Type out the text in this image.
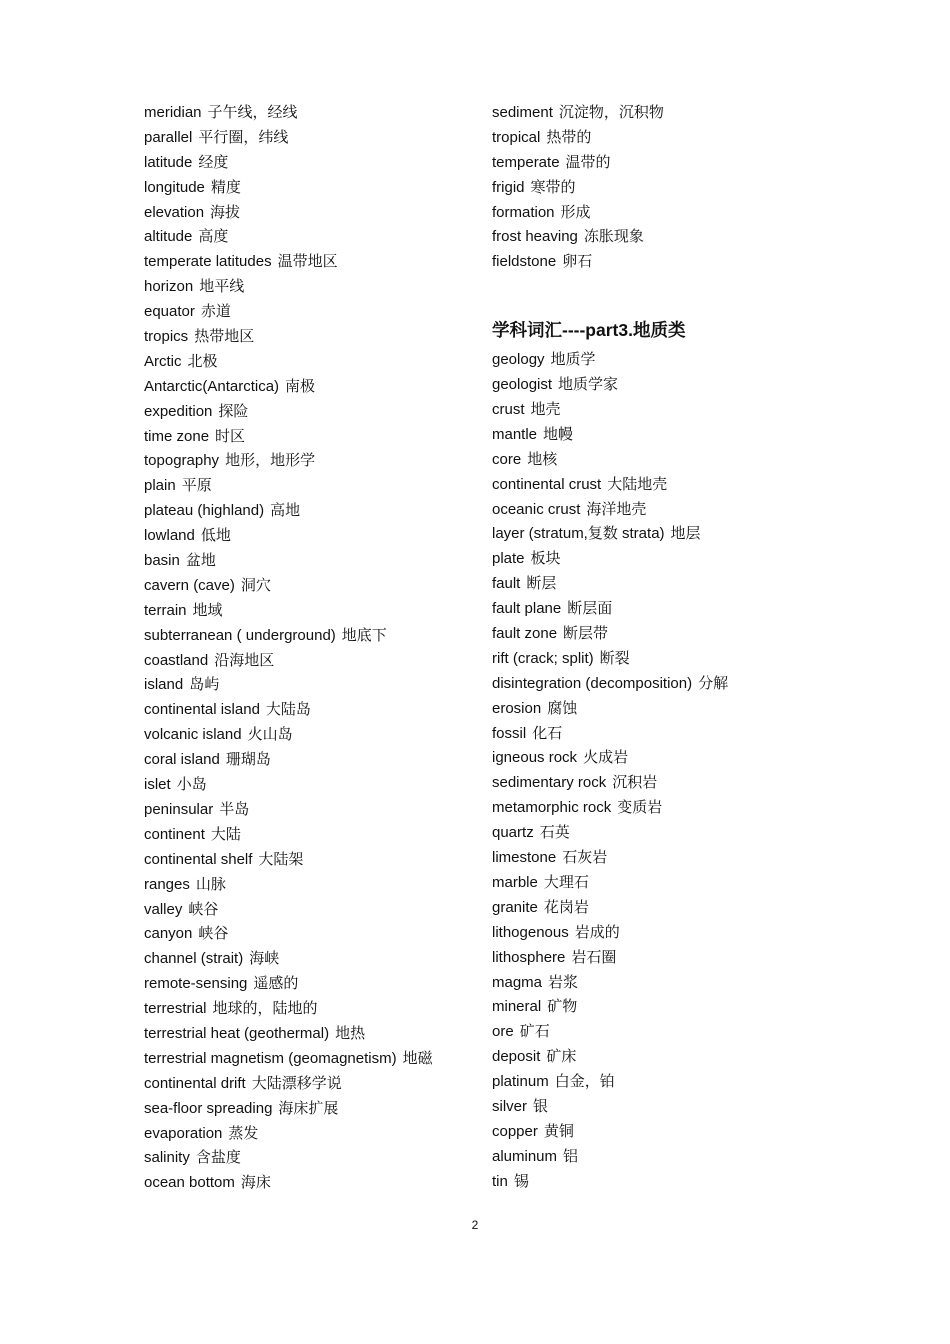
meridian 子午线，经线
parallel 平行圈，纬线
latitude 经度
longitude 精度
elevation 海拔
altitude 高度
temperate latitudes 温带地区
horizon 地平线
equator 赤道
tropics 热带地区
Arctic 北极
Antarctic(Antarctica) 南极
expedition 探险
time zone 时区
topography 地形，地形学
plain 平原
plateau (highland) 高地
lowland 低地
basin 盆地
cavern (cave) 洞穴
terrain 地域
subterranean ( underground) 地底下
coastland 沿海地区
island 岛屿
continental island 大陆岛
volcanic island 火山岛
coral island 珊瑚岛
islet 小岛
peninsular 半岛
continent 大陆
continental shelf 大陆架
ranges 山脉
valley 峡谷
canyon 峡谷
channel (strait) 海峡
remote-sensing 遥感的
terrestrial 地球的，陆地的
terrestrial heat (geothermal) 地热
terrestrial magnetism (geomagnetism) 地磁
continental drift 大陆漂移学说
sea-floor spreading 海床扩展
evaporation 蒸发
salinity 含盐度
ocean bottom 海床
sediment 沉淀物，沉积物
tropical 热带的
temperate 温带的
frigid 寒带的
formation 形成
frost heaving 冻胀现象
fieldstone 卵石
学科词汇----part3.地质类
geology 地质学
geologist 地质学家
crust 地壳
mantle 地幔
core 地核
continental crust 大陆地壳
oceanic crust 海洋地壳
layer (stratum,复数 strata) 地层
plate 板块
fault 断层
fault plane 断层面
fault zone 断层带
rift (crack; split) 断裂
disintegration (decomposition) 分解
erosion 腐蚀
fossil 化石
igneous rock 火成岩
sedimentary rock 沉积岩
metamorphic rock 变质岩
quartz 石英
limestone 石灰岩
marble 大理石
granite 花岗岩
lithogenous 岩成的
lithosphere 岩石圈
magma 岩浆
mineral 矿物
ore 矿石
deposit 矿床
platinum 白金，铂
silver 银
copper 黄铜
aluminum 铝
tin 锡
2
